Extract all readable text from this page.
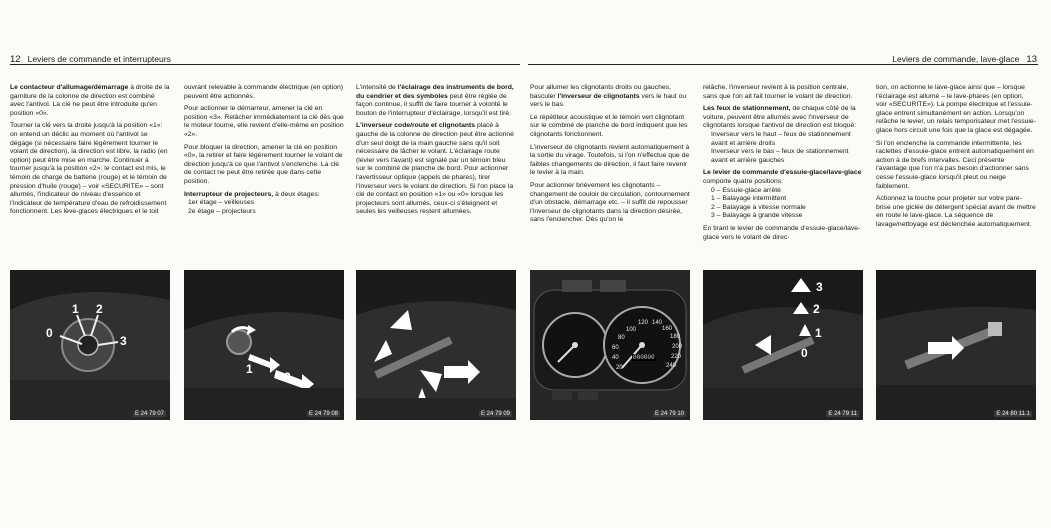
12 Leviers de commande et interrupteurs	Leviers de commande, lave-glace 13

Le contacteur d'allumage/démarrage à droite de la garniture de la colonne de direction est combiné avec l'antivol. La clé ne peut être introduite qu'en position «0».

Tourner la clé vers la droite jusqu'à la position «1»: on entend un déclic au moment où l'antivol se dégage (si nécessaire faire légèrement tourner le volant de direction), la direction est libre, la radio (en option) peut être mise en marche. Continuer à tourner jusqu'à la position «2»: le contact est mis, le témoin de charge de batterie (rouge) et le témoin de pression d'huile (rouge) – voir «SECURITE» – sont allumés, l'indicateur de niveau d'essence et l'indicateur de température d'eau de refroidissement fonctionnent. Les lève-glaces électriques et le toit

ouvrant relevable à commande électrique (en option) peuvent être actionnés.

Pour actionner le démarreur, amener la clé en position «3». Relâcher immédiatement la clé dès que le moteur tourne, elle revient d'elle-même en position «2».

Pour bloquer la direction, amener la clé en position «0», la retirer et faire légèrement tourner le volant de direction jusqu'à ce que l'antivol s'enclenche. La clé de contact ne peut être retirée que dans cette position.

Interrupteur de projecteurs, à deux étages:

1er étage – veilleuses

2e étage – projecteurs

L'intensité de l'éclairage des instruments de bord, du cendrier et des symboles peut être réglée de façon continue, il suffit de faire tourner à volonté le bouton de l'interrupteur d'éclairage, lorsqu'il est tiré.

L'inverseur code/route et clignotants placé à gauche de la colonne de direction peut être actionné d'un seul doigt de la main gauche sans qu'il soit nécessaire de lâcher le volant. L'éclairage route (levier vers l'avant) est signalé par un témoin bleu sur le combiné de planche de bord. Pour actionner l'avertisseur optique (appels de phares), tirer l'inverseur vers le volant de direction. Si l'on place la clé de contact en position «1» ou «0» lorsque les projecteurs sont allumés, ceux-ci s'éteignent et seules les veilleuses restent allumées.

Pour allumer les clignotants droits ou gauches, basculer l'inverseur de clignotants vers le haut ou vers le bas.

Le répétiteur acoustique et le témoin vert clignotant sur le combiné de planche de bord indiquent que les clignotants fonctionnent.

L'inverseur de clignotants revient automatiquement à la sortie du virage. Toutefois, si l'on n'effectue que de faibles changements de direction, il faut faire revenir le levier à la main.

Pour actionner brièvement les clignotants – changement de couloir de circulation, contournement d'un obstacle, démarrage etc. – il suffit de repousser l'inverseur de clignotants dans la direction désirée, sans l'enclencher. Dès qu'on le

relâche, l'inverseur revient à la position centrale, sans que l'on ait fait tourner le volant de direction.

Les feux de stationnement, de chaque côté de la voiture, peuvent être allumés avec l'inverseur de clignotants lorsque l'antivol de direction est bloqué:

Inverseur vers le haut – feux de stationnement avant et arrière droits

Inverseur vers le bas – feux de stationnement avant et arrière gauches

Le levier de commande d'essuie-glace/lave-glace comporte quatre positions:

0 – Essuie-glace arrêté

1 – Balayage intermittent

2 – Balayage à vitesse normale

3 – Balayage à grande vitesse

En tirant le levier de commande d'essuie-glace/lave-glace vers le volant de direc-

tion, on actionne le lave-glace ainsi que – lorsque l'éclairage est allumé – le lave-phares (en option, voir «SECURITE»). La pompe électrique et l'essuie-glace entrent simultanément en action. Lorsqu'on relâche le levier, un relais temporisateur met l'essuie-glace hors circuit une fois que la glace est dégagée.

Si l'on enclenche la commande intermittente, les raclettes d'essuie-glace entrent automatiquement en action à de brefs intervalles. Ceci présente l'avantage que l'on n'a pas besoin d'actionner sans cesse l'essuie-glace lorsqu'il pleut ou neige faiblement.

Actionnez la touche pour projeter sur votre pare-brise une giclée de détergent spécial avant de mettre en route le lave-glace. La séquence de lavage/nettoyage est déclenchée automatiquement.

0
1 2
3
E 24 79 07
1
2
E 24 79 08	E 24 79 09
100
120 140
160
180
200
220
240
80
60
40
20
000000
E 24 79 10
3
2
1
0
E 24 79 11	E 24 80 11.1
